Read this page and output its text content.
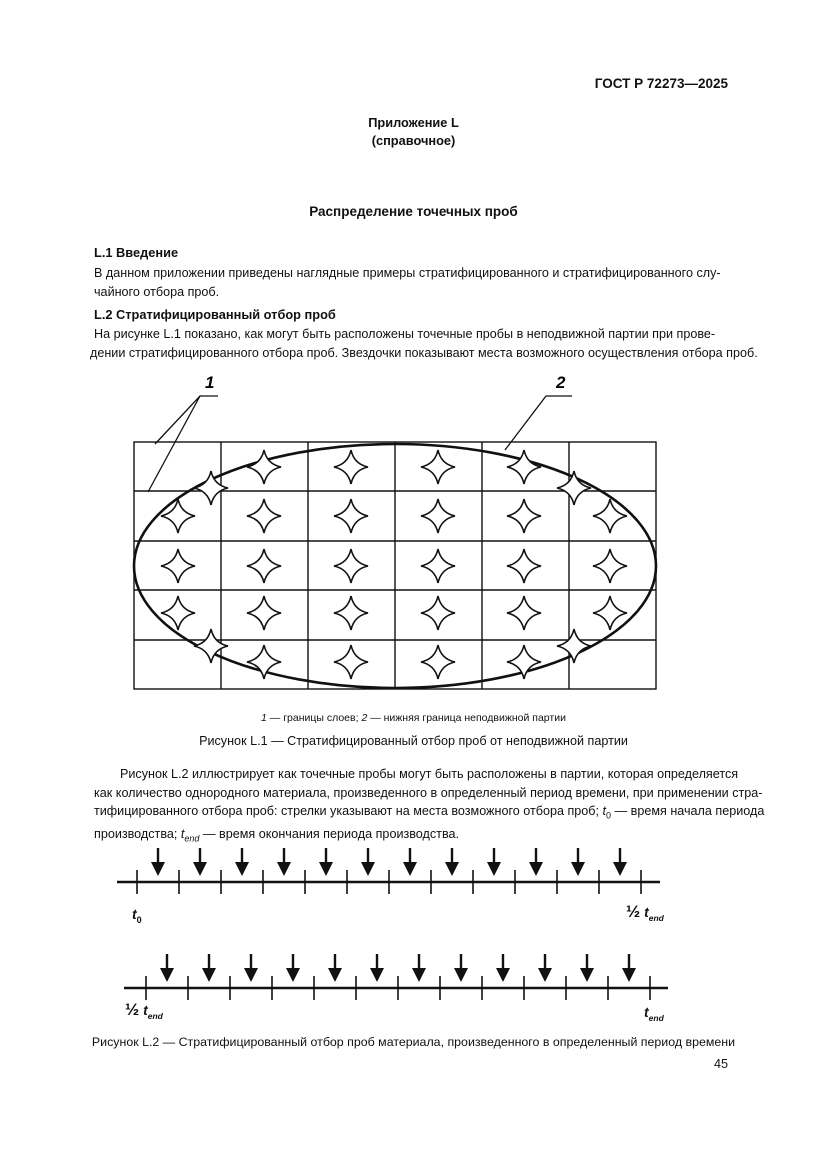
ГОСТ Р 72273—2025
Приложение L
(справочное)
Распределение точечных проб
L.1 Введение
В данном приложении приведены наглядные примеры стратифицированного и стратифицированного слу-
чайного отбора проб.
L.2 Стратифицированный отбор проб
На рисунке L.1 показано, как могут быть расположены точечные пробы в неподвижной партии при прове-
дении стратифицированного отбора проб. Звездочки показывают места возможного осуществления отбора проб.
1	2
1 — границы слоев; 2 — нижняя граница неподвижной партии
Рисунок L.1 — Стратифицированный отбор проб от неподвижной партии
Рисунок L.2 иллюстрирует как точечные пробы могут быть расположены в партии, которая определяется
как количество однородного материала, произведенного в определенный период времени, при применении стра-
тифицированного отбора проб: стрелки указывают на места возможного отбора проб; $t_0$ — время начала периода
производства; $t_{end}$ — время окончания периода производства.
$t_0$	½ $t_{end}$
½ $t_{end}$	$t_{end}$
Рисунок L.2 — Стратифицированный отбор проб материала, произведенного в определенный период времени
45
